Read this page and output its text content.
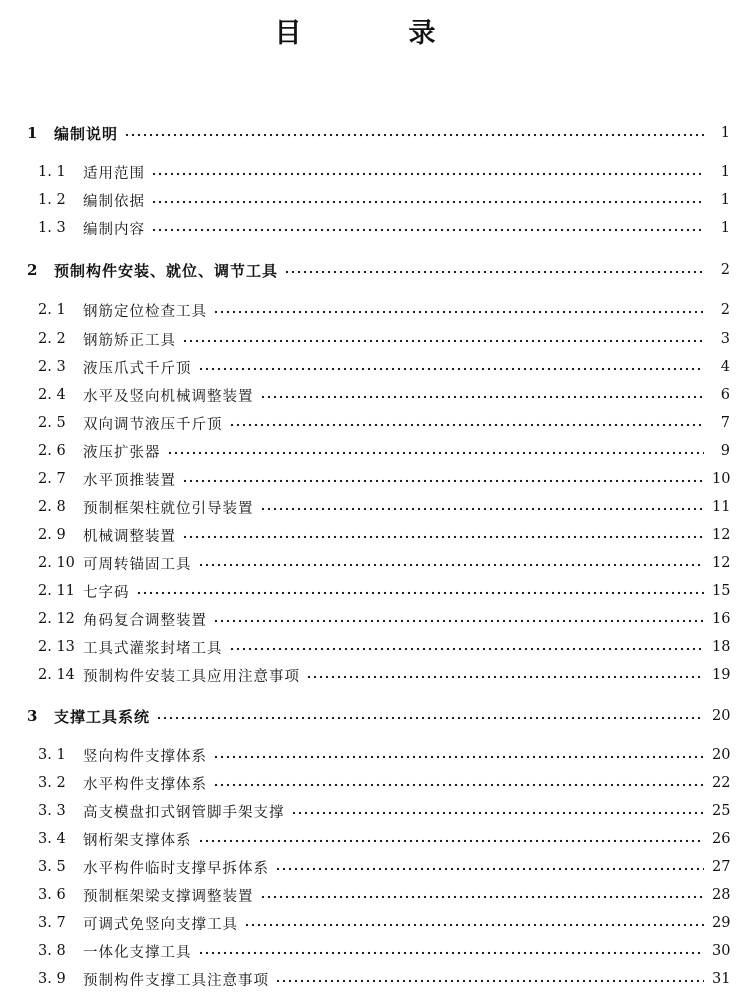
目　录
1	编制说明	1
1. 1	适用范围	1
1. 2	编制依据	1
1. 3	编制内容	1
2	预制构件安装、就位、调节工具	2
2. 1	钢筋定位检查工具	2
2. 2	钢筋矫正工具	3
2. 3	液压爪式千斤顶	4
2. 4	水平及竖向机械调整装置	6
2. 5	双向调节液压千斤顶	7
2. 6	液压扩张器	9
2. 7	水平顶推装置	10
2. 8	预制框架柱就位引导装置	11
2. 9	机械调整装置	12
2. 10 可周转锚固工具	12
2. 11 七字码	15
2. 12 角码复合调整装置	16
2. 13 工具式灌浆封堵工具	18
2. 14 预制构件安装工具应用注意事项	19
3	支撑工具系统	20
3. 1	竖向构件支撑体系	20
3. 2	水平构件支撑体系	22
3. 3	高支模盘扣式钢管脚手架支撑	25
3. 4	钢桁架支撑体系	26
3. 5	水平构件临时支撑早拆体系	27
3. 6	预制框架梁支撑调整装置	28
3. 7	可调式免竖向支撑工具	29
3. 8	一体化支撑工具	30
3. 9	预制构件支撑工具注意事项	31
